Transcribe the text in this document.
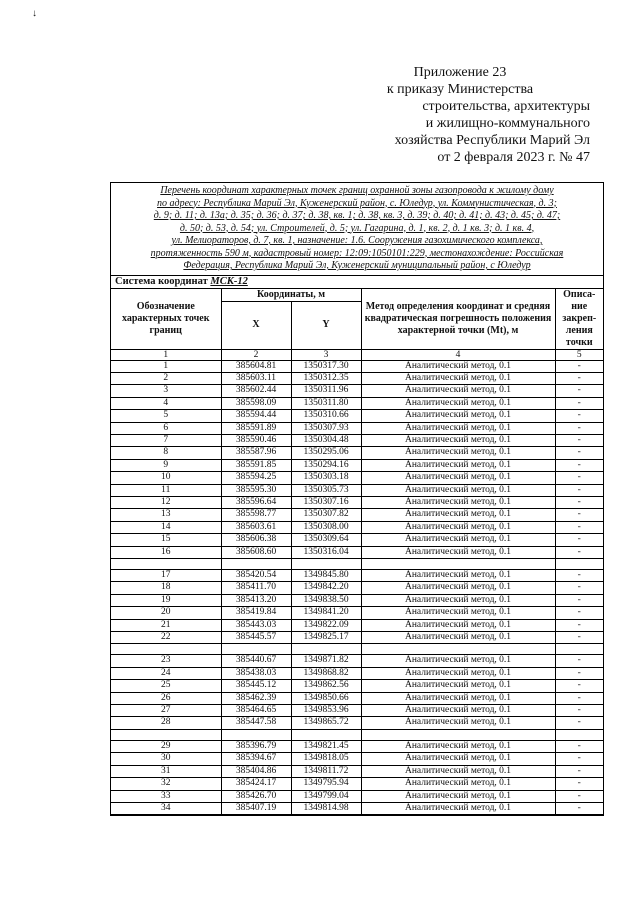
↓
Приложение 23
к приказу Министерства
строительства, архитектуры
и жилищно-коммунального
хозяйства Республики Марий Эл
от 2 февраля 2023 г. № 47
Перечень координат характерных точек границ охранной зоны газопровода к жилому дому
по адресу: Республика Марий Эл, Куженерский район, с. Юледур, ул. Коммунистическая, д. 3;
д. 9; д. 11; д. 13а; д. 35; д. 36; д. 37; д. 38, кв. 1; д. 38, кв. 3, д. 39; д. 40; д. 41; д. 43; д. 45; д. 47;
д. 50; д. 53, д. 54; ул. Строителей, д. 5; ул. Гагарина, д. 1, кв. 2, д. 1 кв. 3; д. 1 кв. 4,
ул. Мелиораторов, д. 7, кв. 1, назначение: 1.6. Сооружения газохимического комплекса,
протяженность 590 м, кадастровый номер: 12:09:1050101:229, местонахождение: Российская
Федерация, Республика Марий Эл, Куженерский муниципальный район, с Юледур
Система координат МСК-12
Обозначение характерных точек границ	Координаты, м		Метод определения координат и средняя квадратическая погрешность положения характерной точки (Mt), м	Описа-ние закреп-ления точки
	X	Y		
1	2	3	4	5
1	385604.81	1350317.30	Аналитический метод, 0.1	-
2	385603.11	1350312.35	Аналитический метод, 0.1	-
3	385602.44	1350311.96	Аналитический метод, 0.1	-
4	385598.09	1350311.80	Аналитический метод, 0.1	-
5	385594.44	1350310.66	Аналитический метод, 0.1	-
6	385591.89	1350307.93	Аналитический метод, 0.1	-
7	385590.46	1350304.48	Аналитический метод, 0.1	-
8	385587.96	1350295.06	Аналитический метод, 0.1	-
9	385591.85	1350294.16	Аналитический метод, 0.1	-
10	385594.25	1350303.18	Аналитический метод, 0.1	-
11	385595.30	1350305.73	Аналитический метод, 0.1	-
12	385596.64	1350307.16	Аналитический метод, 0.1	-
13	385598.77	1350307.82	Аналитический метод, 0.1	-
14	385603.61	1350308.00	Аналитический метод, 0.1	-
15	385606.38	1350309.64	Аналитический метод, 0.1	-
16	385608.60	1350316.04	Аналитический метод, 0.1	-

17	385420.54	1349845.80	Аналитический метод, 0.1	-
18	385411.70	1349842.20	Аналитический метод, 0.1	-
19	385413.20	1349838.50	Аналитический метод, 0.1	-
20	385419.84	1349841.20	Аналитический метод, 0.1	-
21	385443.03	1349822.09	Аналитический метод, 0.1	-
22	385445.57	1349825.17	Аналитический метод, 0.1	-

23	385440.67	1349871.82	Аналитический метод, 0.1	-
24	385438.03	1349868.82	Аналитический метод, 0.1	-
25	385445.12	1349862.56	Аналитический метод, 0.1	-
26	385462.39	1349850.66	Аналитический метод, 0.1	-
27	385464.65	1349853.96	Аналитический метод, 0.1	-
28	385447.58	1349865.72	Аналитический метод, 0.1	-

29	385396.79	1349821.45	Аналитический метод, 0.1	-
30	385394.67	1349818.05	Аналитический метод, 0.1	-
31	385404.86	1349811.72	Аналитический метод, 0.1	-
32	385424.17	1349795.94	Аналитический метод, 0.1	-
33	385426.70	1349799.04	Аналитический метод, 0.1	-
34	385407.19	1349814.98	Аналитический метод, 0.1	-
